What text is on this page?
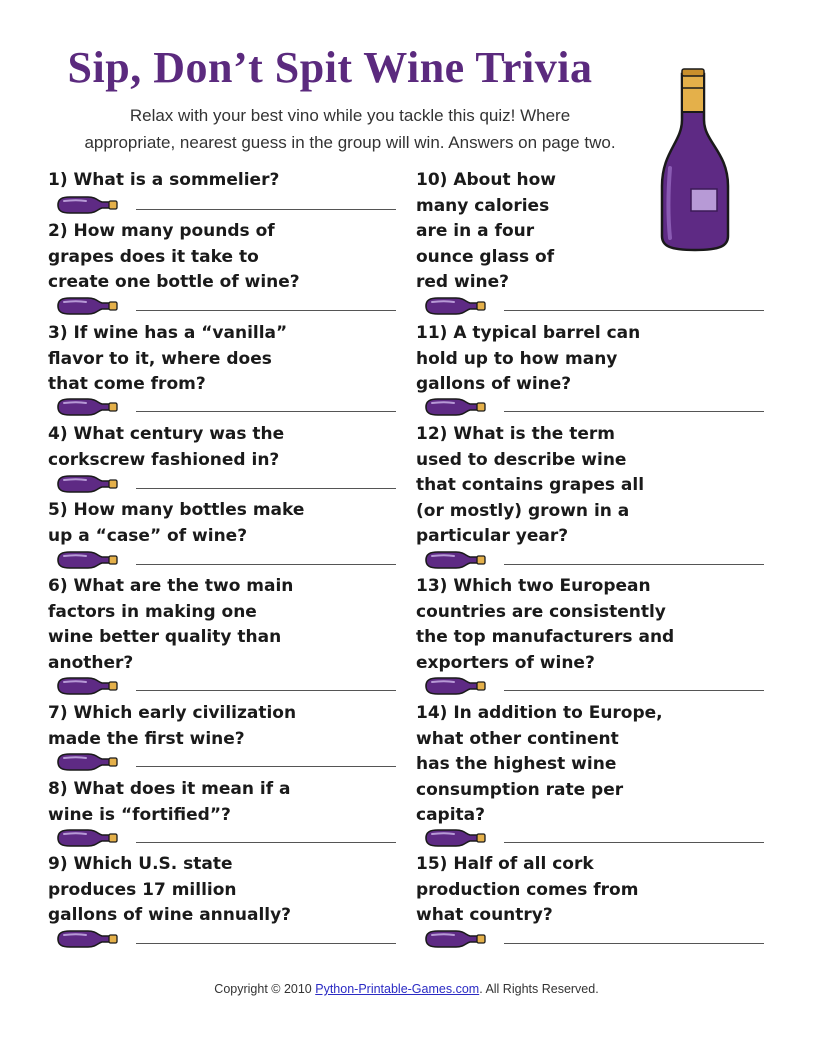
Sip, Don’t Spit Wine Trivia
Relax with your best vino while you tackle this quiz! Where
appropriate, nearest guess in the group will win. Answers on page two.
1) What is a sommelier?
2) How many pounds of
grapes does it take to
create one bottle of wine?
3) If wine has a “vanilla”
flavor to it, where does
that come from?
4) What century was the
corkscrew fashioned in?
5) How many bottles make
up a “case” of wine?
6) What are the two main
factors in making one
wine better quality than
another?
7) Which early civilization
made the first wine?
8) What does it mean if a
wine is “fortified”?
9) Which U.S. state
produces 17 million
gallons of wine annually?
10) About how
many calories
are in a four
ounce glass of
red wine?
11) A typical barrel can
hold up to how many
gallons of wine?
12) What is the term
used to describe wine
that contains grapes all
(or mostly) grown in a
particular year?
13) Which two European
countries are consistently
the top manufacturers and
exporters of wine?
14) In addition to Europe,
what other continent
has the highest wine
consumption rate per
capita?
15) Half of all cork
production comes from
what country?
Copyright © 2010 Python-Printable-Games.com. All Rights Reserved.
